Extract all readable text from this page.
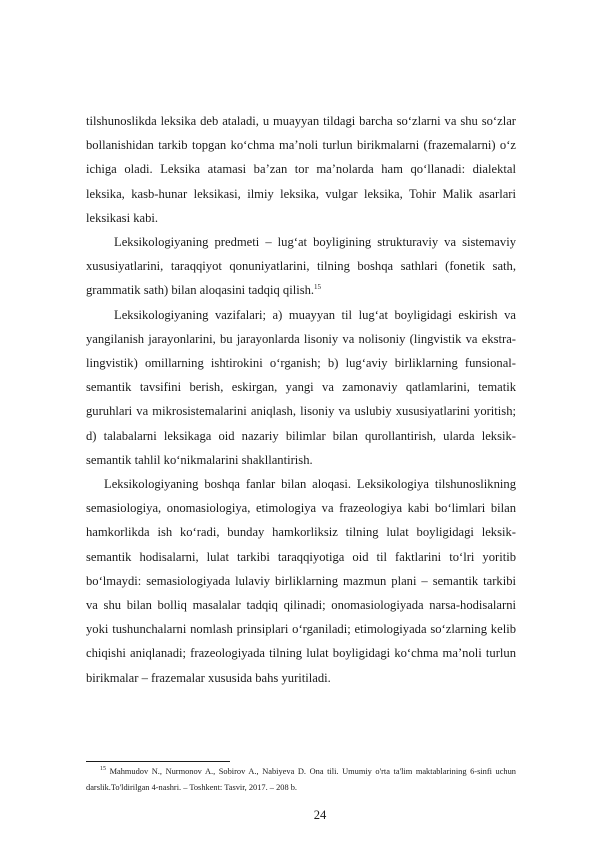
tilshunoslikda leksika deb ataladi, u muayyan tildagi barcha so‘zlarni va shu so‘zlar bo‌llanishidan tarkib topgan ko‘chma ma’noli turl‌un birikmalarni (frazemalarni) o‘z ichiga oladi. Leksika atamasi ba’zan tor ma’nolarda ham qo‘llanadi: dialektal leksika, kasb-hunar leksikasi, ilmiy leksika, vulgar leksika, Tohir Malik asarlari leksikasi kabi.

Leksikologiyaning predmeti – lug‘at boyligining strukturaviy va sistemaviy xususiyatlarini, taraqqiyot qonuniyatlarini, tilning boshqa sathlari (fonetik sath, grammatik sath) bilan aloqasini tadqiq qilish.$^{15}$

Leksikologiyaning vazifalari; a) muayyan til lug‘at boyligidagi eskirish va yangilanish jarayonlarini, bu jarayonlarda lisoniy va nolisoniy (lingvistik va ekstra-lingvistik) omillarning ishtirokini o‘rganish; b) lug‘aviy birliklarning funsional-semantik tavsifini berish, eskirgan, yangi va zamonaviy qatlamlarini, tematik guruhlari va mikrosistemalarini aniqlash, lisoniy va uslubiy xususiyatlarini yoritish; d) talabalarni leksikaga oid nazariy bilimlar bilan qurollantirish, ularda leksik-semantik tahlil ko‘nikmalarini shakllantirish.

Leksikologiyaning boshqa fanlar bilan aloqasi. Leksikologiya tilshunoslikning semasiologiya, onomasiologiya, etimologiya va frazeologiya kabi bo‘limlari bilan hamkorlikda ish ko‘radi, bunday hamkorliksiz tilning lul‌at boyligidagi leksik-semantik hodisalarni, lul‌at tarkibi taraqqiyotiga oid til faktlarini to‘l‌ri yoritib bo‘lmaydi: semasiologiyada lul‌aviy birliklarning mazmun plani – semantik tarkibi va shu bilan bol‌liq masalalar tadqiq qilinadi; onomasiologiyada narsa-hodisalarni yoki tushunchalarni nomlash prinsiplari o‘rganiladi; etimologiyada so‘zlarning kelib chiqishi aniqlanadi; frazeologiyada tilning lul‌at boyligidagi ko‘chma ma’noli turl‌un birikmalar – frazemalar xususida bahs yuritiladi.

$^{15}$ Mahmudov N., Nurmonov A., Sobirov A., Nabiyeva D. Ona tili. Umumiy o'rta ta'lim maktablarining 6-sinfi uchun darslik.To'ldirilgan 4-nashri. – Toshkent: Tasvir, 2017. – 208 b.

24
